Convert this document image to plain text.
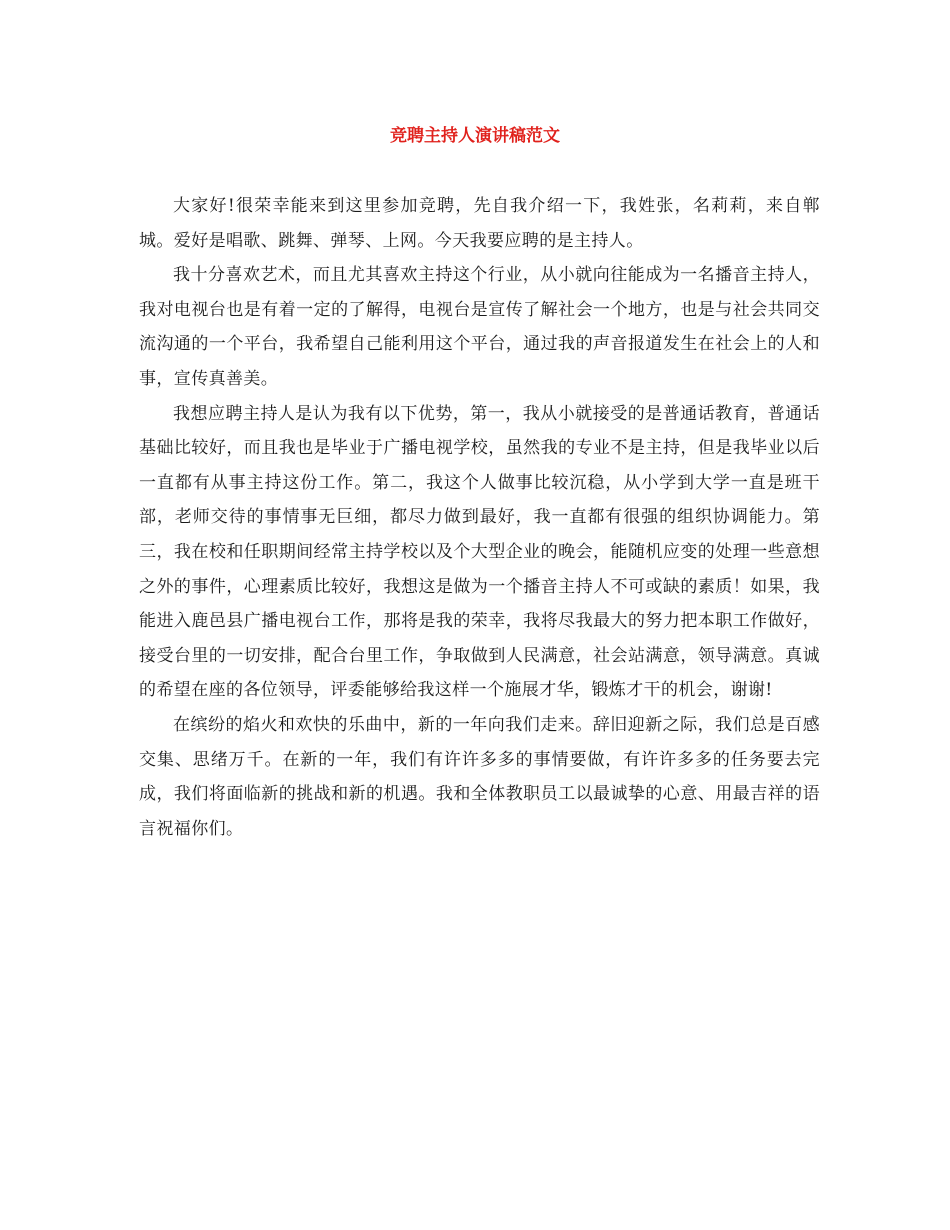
竞聘主持人演讲稿范文

大家好!很荣幸能来到这里参加竞聘，先自我介绍一下，我姓张，名莉莉，来自郸城。爱好是唱歌、跳舞、弹琴、上网。今天我要应聘的是主持人。

我十分喜欢艺术，而且尤其喜欢主持这个行业，从小就向往能成为一名播音主持人，我对电视台也是有着一定的了解得，电视台是宣传了解社会一个地方，也是与社会共同交流沟通的一个平台，我希望自己能利用这个平台，通过我的声音报道发生在社会上的人和事，宣传真善美。

我想应聘主持人是认为我有以下优势，第一，我从小就接受的是普通话教育，普通话基础比较好，而且我也是毕业于广播电视学校，虽然我的专业不是主持，但是我毕业以后一直都有从事主持这份工作。第二，我这个人做事比较沉稳，从小学到大学一直是班干部，老师交待的事情事无巨细，都尽力做到最好，我一直都有很强的组织协调能力。第三，我在校和任职期间经常主持学校以及个大型企业的晚会，能随机应变的处理一些意想之外的事件，心理素质比较好，我想这是做为一个播音主持人不可或缺的素质！如果，我能进入鹿邑县广播电视台工作，那将是我的荣幸，我将尽我最大的努力把本职工作做好，接受台里的一切安排，配合台里工作，争取做到人民满意，社会站满意，领导满意。真诚的希望在座的各位领导，评委能够给我这样一个施展才华，锻炼才干的机会，谢谢!

在缤纷的焰火和欢快的乐曲中，新的一年向我们走来。辞旧迎新之际，我们总是百感交集、思绪万千。在新的一年，我们有许许多多的事情要做，有许许多多的任务要去完成，我们将面临新的挑战和新的机遇。我和全体教职员工以最诚挚的心意、用最吉祥的语言祝福你们。
